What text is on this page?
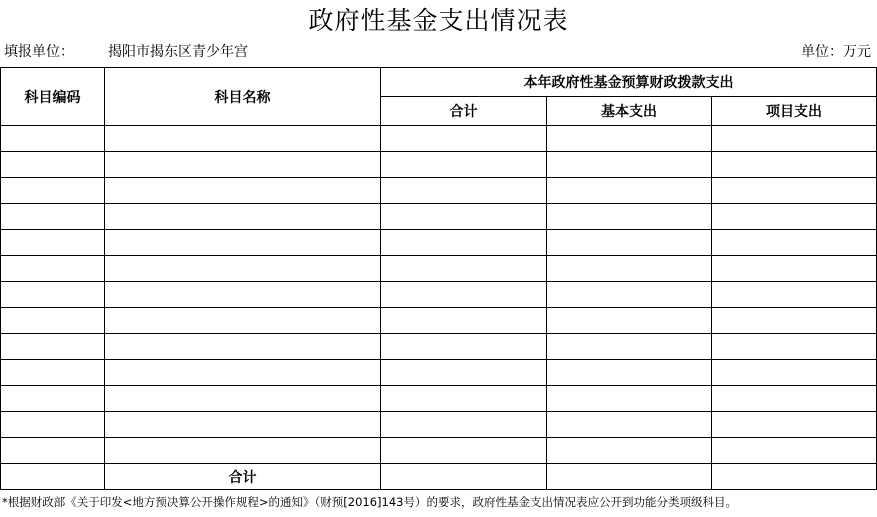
政府性基金支出情况表
填报单位： 揭阳市揭东区青少年宫	单位：万元
科目编码	科目名称	本年政府性基金预算财政拨款支出		
		合计	基本支出	项目支出

	合计			
*根据财政部《关于印发<地方预决算公开操作规程>的通知》（财预[2016]143号）的要求，政府性基金支出情况表应公开到功能分类项级科目。
